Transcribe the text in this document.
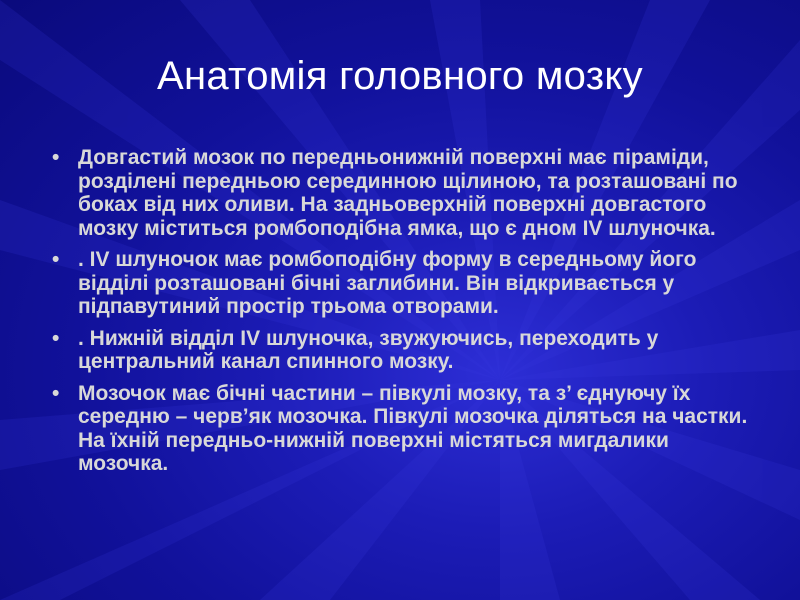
Анатомія головного мозку
• Довгастий мозок по передньонижній поверхні має піраміди, розділені передньою серединною щілиною, та розташовані по боках від них оливи. На задньоверхній поверхні довгастого мозку міститься ромбоподібна ямка, що є дном IV шлуночка.
• . IV шлуночок має ромбоподібну форму в середньому його відділі розташовані бічні заглибини. Він відкривається у підпавутиний простір трьома отворами.
• . Нижній відділ IV шлуночка, звужуючись, переходить у центральний канал спинного мозку.
• Мозочок має бічні частини – півкулі мозку, та з’ єднуючу їх середню – черв’як мозочка. Півкулі мозочка діляться на частки. На їхній передньо-нижній поверхні містяться мигдалики мозочка.
